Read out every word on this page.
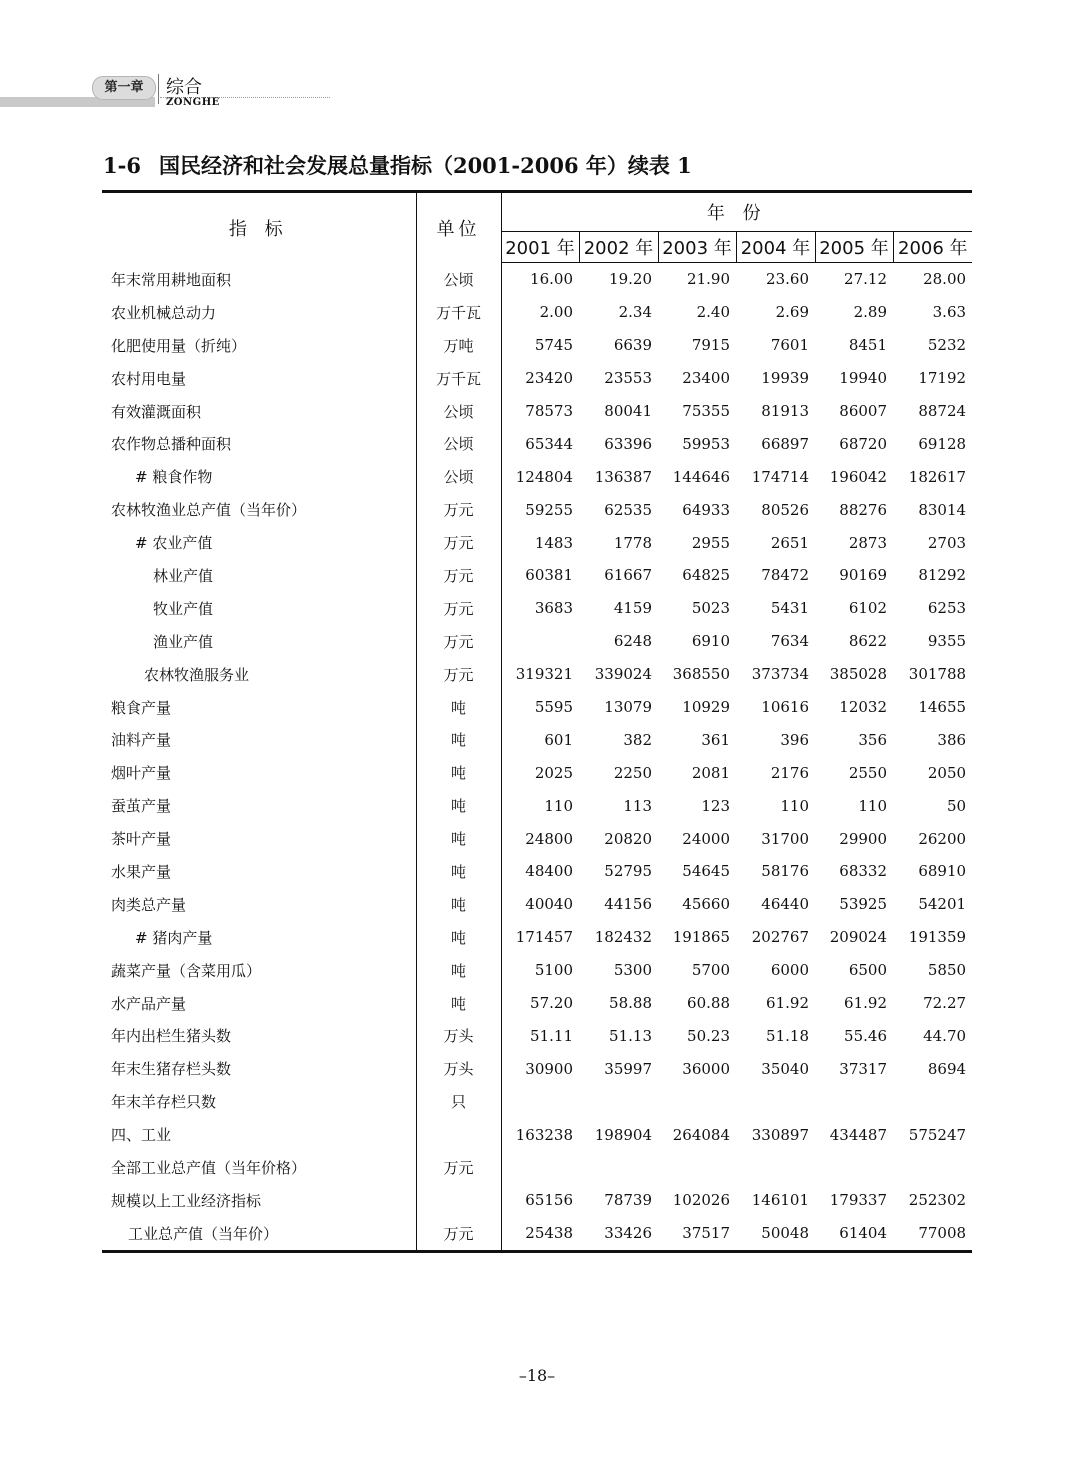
第一章	综合
ZONGHE
1-6 国民经济和社会发展总量指标（2001-2006 年）续表 1
指 标	单位	年 份					
		2001 年	2002 年	2003 年	2004 年	2005 年	2006 年
年末常用耕地面积	公顷	16.00	19.20	21.90	23.60	27.12	28.00
农业机械总动力	万千瓦	2.00	2.34	2.40	2.69	2.89	3.63
化肥使用量（折纯）	万吨	5745	6639	7915	7601	8451	5232
农村用电量	万千瓦	23420	23553	23400	19939	19940	17192
有效灌溉面积	公顷	78573	80041	75355	81913	86007	88724
农作物总播种面积	公顷	65344	63396	59953	66897	68720	69128
# 粮食作物	公顷	124804	136387	144646	174714	196042	182617
农林牧渔业总产值（当年价）	万元	59255	62535	64933	80526	88276	83014
# 农业产值	万元	1483	1778	2955	2651	2873	2703
林业产值	万元	60381	61667	64825	78472	90169	81292
牧业产值	万元	3683	4159	5023	5431	6102	6253
渔业产值	万元		6248	6910	7634	8622	9355
农林牧渔服务业	万元	319321	339024	368550	373734	385028	301788
粮食产量	吨	5595	13079	10929	10616	12032	14655
油料产量	吨	601	382	361	396	356	386
烟叶产量	吨	2025	2250	2081	2176	2550	2050
蚕茧产量	吨	110	113	123	110	110	50
茶叶产量	吨	24800	20820	24000	31700	29900	26200
水果产量	吨	48400	52795	54645	58176	68332	68910
肉类总产量	吨	40040	44156	45660	46440	53925	54201
# 猪肉产量	吨	171457	182432	191865	202767	209024	191359
蔬菜产量（含菜用瓜）	吨	5100	5300	5700	6000	6500	5850
水产品产量	吨	57.20	58.88	60.88	61.92	61.92	72.27
年内出栏生猪头数	万头	51.11	51.13	50.23	51.18	55.46	44.70
年末生猪存栏头数	万头	30900	35997	36000	35040	37317	8694
年末羊存栏只数	只						
四、工业		163238	198904	264084	330897	434487	575247
全部工业总产值（当年价格）	万元						
规模以上工业经济指标		65156	78739	102026	146101	179337	252302
工业总产值（当年价）	万元	25438	33426	37517	50048	61404	77008
–18–
